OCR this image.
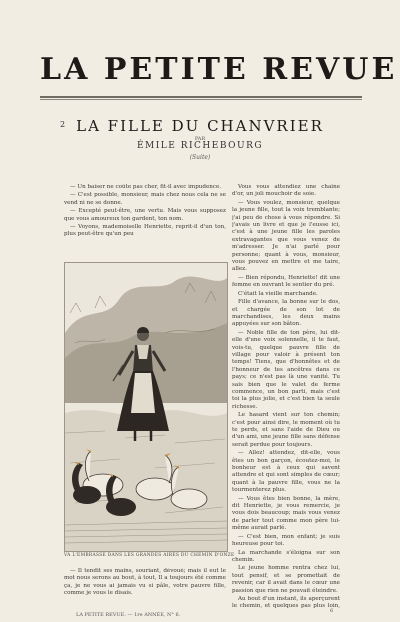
LA PETITE REVUE
2 LA FILLE DU CHANVRIER
PAR
ÉMILE RICHEBOURG
(Suite)

— Un baiser ne coûte pas cher, fit-il avec impudence.

— C'est possible, monsieur, mais chez nous cela ne se vend ni ne se donne.

— Excepté peut-être, une vertu. Mais vous supposez que vous amoureux ton gardent, ton nom.

— Voyons, mademoiselle Henriette, reprit-il d'un ton, plus peut-être qu'un peu

VA L'EMBRASSE DANS LES GRANDES AIRES DU CHEMIN D'ONZE

— Il tendit ses mains, souriant, dévoué; mais il eut le mot nous serons au bout, à tout, Il a toujours été comme ça, je ne vous ai jamais vu si pâle, votre pauvre fille, comme je vous le disais.

Vous vous attendiez une chaîne d'or, un joli mouchoir de soie.

— Vous voulez, monsieur, quelque la jeune fille, tout la voix tremblante; j'ai peu de chose à vous répondre. Si j'avais un livre et que je l'eusse ici, c'est à une jeune fille les paroles extravagantes que vous venez de m'adresser. Je n'ai parlé pour personne; quant à vous, monsieur, vous pouvez en mettre et me taire, allez.

— Bien répondu, Henriette! dit une femme en ouvrant le sentier du pré.

C'était la vieille marchande.

Fille d'avance, la bonne sur le dos, et chargée de son lot de marchandises, les deux mains appuyées sur son bâton.

— Noble fille de ton père, lui dit-elle d'une voix solennelle, il te faut, vois-tu, quelque pauvre fille de village pour valoir à présent ton temps! Tiens, que d'honnêtes et de l'honneur de tes ancêtres dans ce pays; ce n'est pas là une vanité. Tu sais bien que le valet de ferme commence, un bon parti, mais c'est toi la plus jolie, et c'est bien ta seule richesse.

Le hasard vient sur ton chemin; c'est pour ainsi dire, le moment où tu te perds, et sans l'aide de Dieu ou d'un ami, une jeune fille sans défense serait perdue pour toujours.

— Allez! attendez, dit-elle, vous êtes un bon garçon, écoutez-moi, le bonheur est à ceux qui savent attendre et qui sont simples de cœur; quant à la pauvre fille, vous ne la tourmenterez plus.

— Vous êtes bien bonne, la mère, dit Henriette, je vous remercie, je vous dois beaucoup; mais vous venez de parler tout comme mon père lui-même aurait parlé.

— C'est bien, mon enfant; je suis heureuse pour toi.

La marchande s'éloigna sur son chemin.

Le jeune homme rentra chez lui, tout pensif, et se promettait de revenir, car il avait dans le cœur une passion que rien ne pouvait éteindre.

Au bout d'un instant, ils aperçurent le chemin, et quelques pas plus loin,

LA PETITE REVUE. — 1re ANNÉE, N° 6.
6
